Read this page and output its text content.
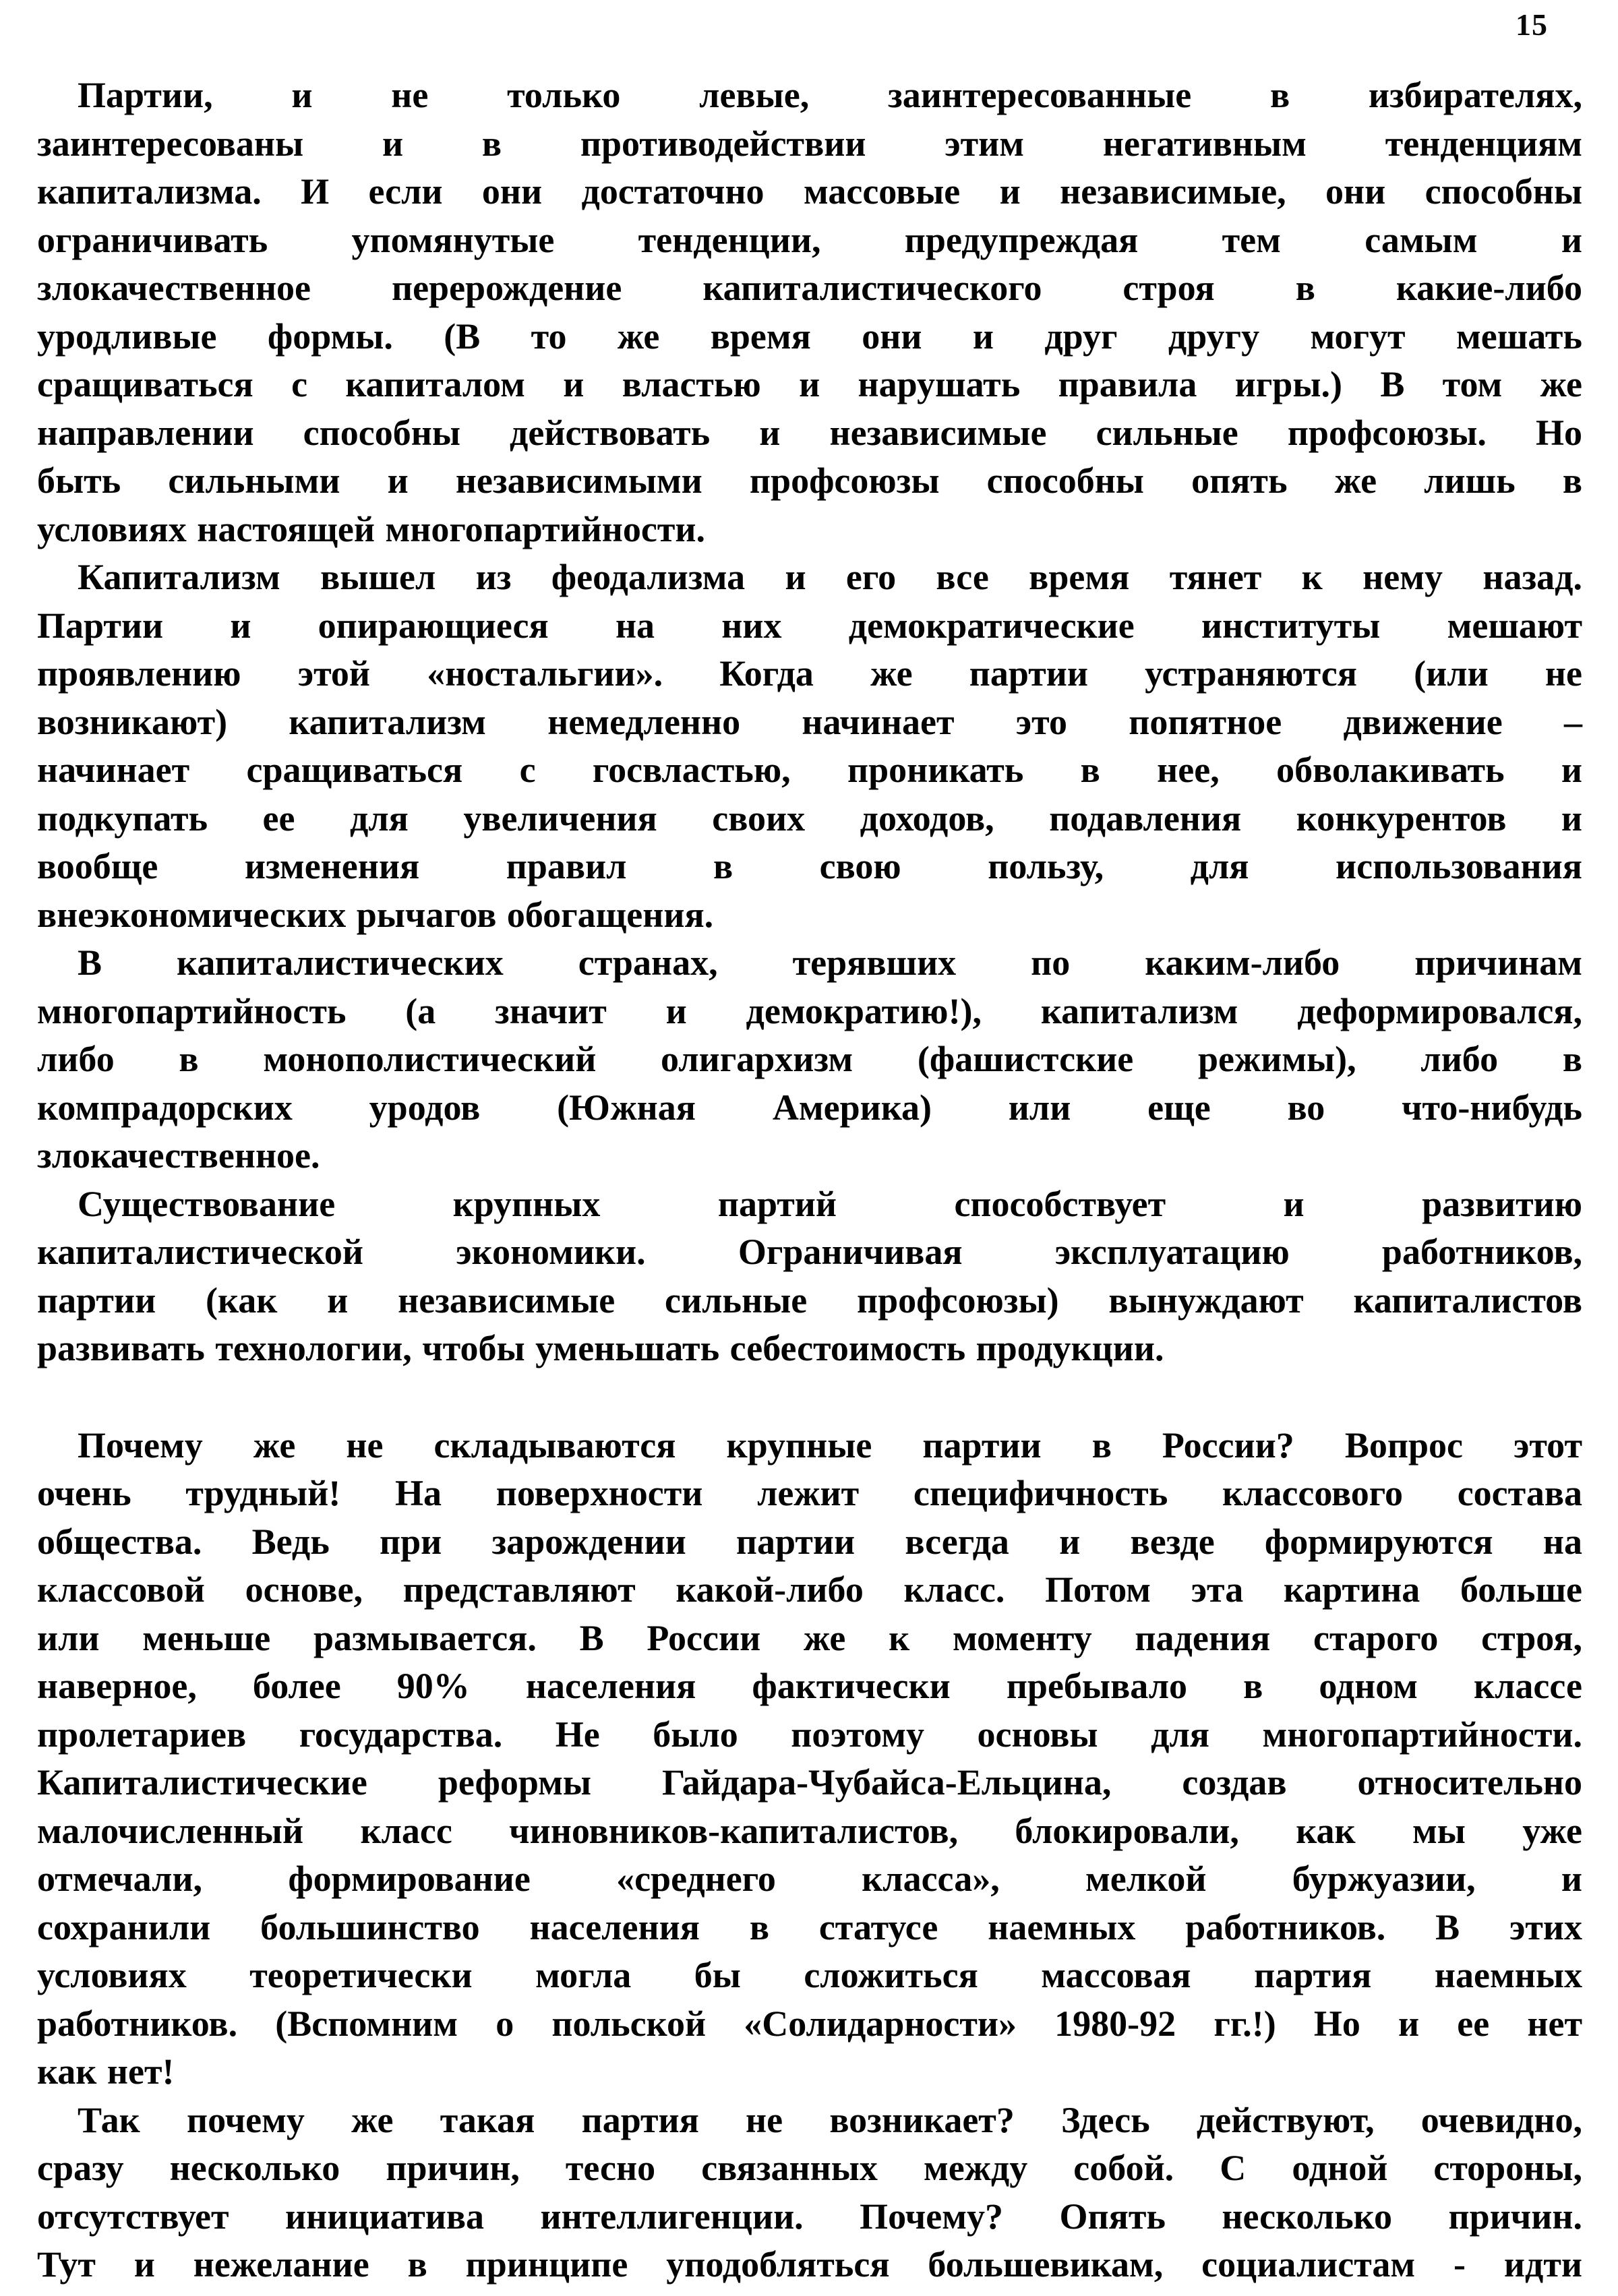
15
Партии, и не только левые, заинтересованные в избирателях,
заинтересованы и в противодействии этим негативным тенденциям
капитализма. И если они достаточно массовые и независимые, они способны
ограничивать упомянутые тенденции, предупреждая тем самым и
злокачественное перерождение капиталистического строя в какие-либо
уродливые формы. (В то же время они и друг другу могут мешать
сращиваться с капиталом и властью и нарушать правила игры.) В том же
направлении способны действовать и независимые сильные профсоюзы. Но
быть сильными и независимыми профсоюзы способны опять же лишь в
условиях настоящей многопартийности.
Капитализм вышел из феодализма и его все время тянет к нему назад.
Партии и опирающиеся на них демократические институты мешают
проявлению этой «ностальгии». Когда же партии устраняются (или не
возникают) капитализм немедленно начинает это попятное движение –
начинает сращиваться с госвластью, проникать в нее, обволакивать и
подкупать ее для увеличения своих доходов, подавления конкурентов и
вообще изменения правил в свою пользу, для использования
внеэкономических рычагов обогащения.
В капиталистических странах, терявших по каким-либо причинам
многопартийность (а значит и демократию!), капитализм деформировался,
либо в монополистический олигархизм (фашистские режимы), либо в
компрадорских уродов (Южная Америка) или еще во что-нибудь
злокачественное.
Существование крупных партий способствует и развитию
капиталистической экономики. Ограничивая эксплуатацию работников,
партии (как и независимые сильные профсоюзы) вынуждают капиталистов
развивать технологии, чтобы уменьшать себестоимость продукции.
Почему же не складываются крупные партии в России? Вопрос этот
очень трудный! На поверхности лежит специфичность классового состава
общества. Ведь при зарождении партии всегда и везде формируются на
классовой основе, представляют какой-либо класс. Потом эта картина больше
или меньше размывается. В России же к моменту падения старого строя,
наверное, более 90% населения фактически пребывало в одном классе
пролетариев государства. Не было поэтому основы для многопартийности.
Капиталистические реформы Гайдара-Чубайса-Ельцина, создав относительно
малочисленный класс чиновников-капиталистов, блокировали, как мы уже
отмечали, формирование «среднего класса», мелкой буржуазии, и
сохранили большинство населения в статусе наемных работников. В этих
условиях теоретически могла бы сложиться массовая партия наемных
работников. (Вспомним о польской «Солидарности» 1980-92 гг.!) Но и ее нет
как нет!
Так почему же такая партия не возникает? Здесь действуют, очевидно,
сразу несколько причин, тесно связанных между собой. С одной стороны,
отсутствует инициатива интеллигенции. Почему? Опять несколько причин.
Тут и нежелание в принципе уподобляться большевикам, социалистам - идти
